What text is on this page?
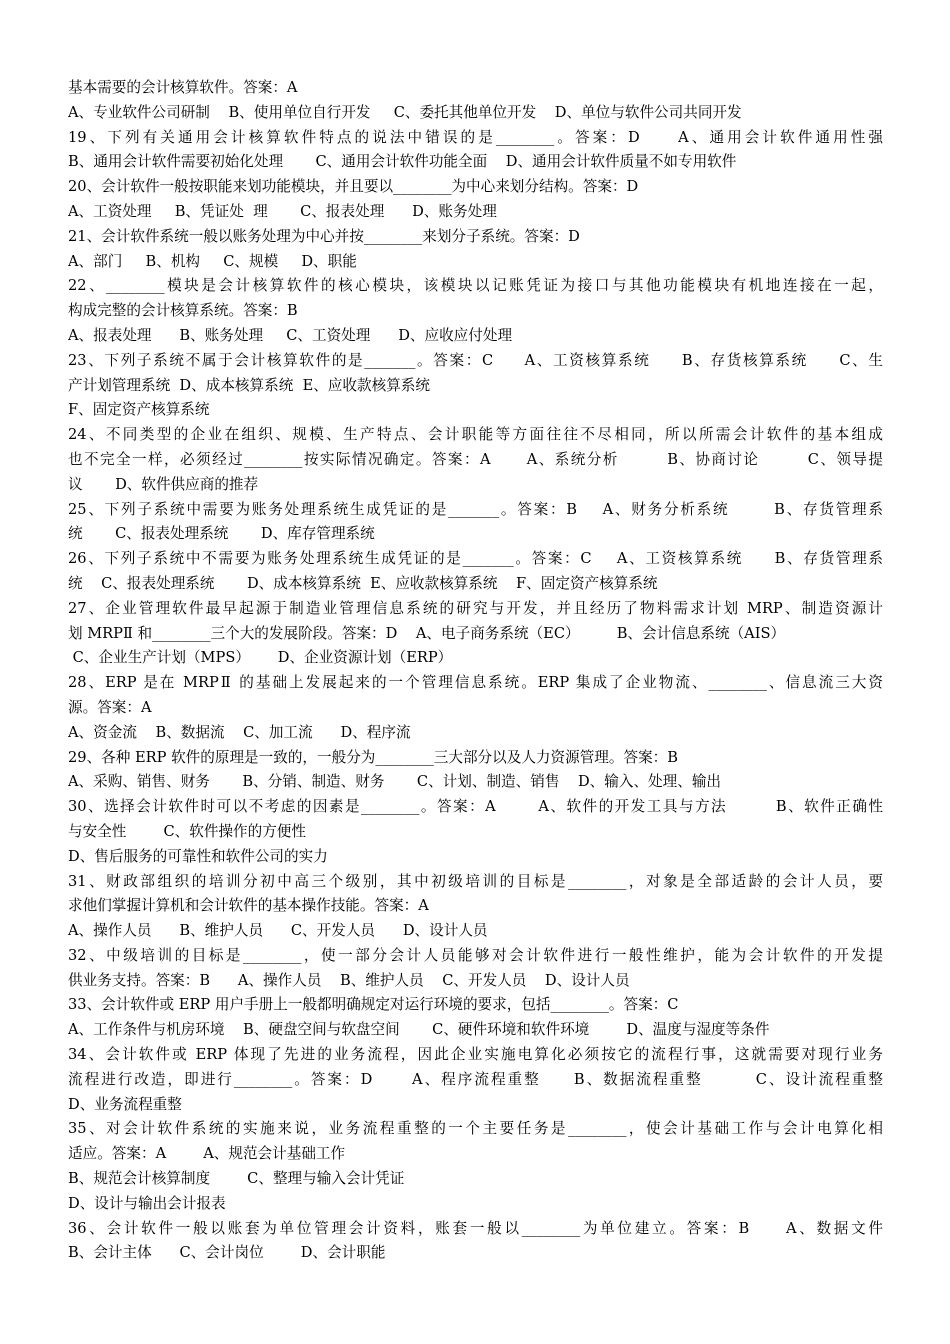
基本需要的会计核算软件。答案：A
A、专业软件公司研制    B、使用单位自行开发     C、委托其他单位开发    D、单位与软件公司共同开发
19、下列有关通用会计核算软件特点的说法中错误的是________。答案：D     A、通用会计软件通用性强
B、通用会计软件需要初始化处理       C、通用会计软件功能全面    D、通用会计软件质量不如专用软件
20、会计软件一般按职能来划功能模块，并且要以________为中心来划分结构。答案：D
A、工资处理     B、凭证处  理       C、报表处理      D、账务处理
21、会计软件系统一般以账务处理为中心并按________来划分子系统。答案：D
A、部门     B、机构     C、规模     D、职能
22、________模块是会计核算软件的核心模块，该模块以记账凭证为接口与其他功能模块有机地连接在一起，
构成完整的会计核算系统。答案：B
A、报表处理      B、账务处理     C、工资处理      D、应收应付处理
23、下列子系统不属于会计核算软件的是_______。答案：C     A、工资核算系统     B、存货核算系统     C、生
产计划管理系统  D、成本核算系统  E、应收款核算系统
F、固定资产核算系统
24、不同类型的企业在组织、规模、生产特点、会计职能等方面往往不尽相同，所以所需会计软件的基本组成
也不完全一样，必须经过________按实际情况确定。答案：A      A、系统分析        B、协商讨论        C、领导提
议       D、软件供应商的推荐
25、下列子系统中需要为账务处理系统生成凭证的是_______。答案：B    A、财务分析系统       B、存货管理系
统       C、报表处理系统       D、库存管理系统
26、下列子系统中不需要为账务处理系统生成凭证的是_______。答案：C    A、工资核算系统     B、存货管理系
统    C、报表处理系统       D、成本核算系统  E、应收款核算系统    F、固定资产核算系统
27、企业管理软件最早起源于制造业管理信息系统的研究与开发，并且经历了物料需求计划 MRP、制造资源计
划 MRPⅡ 和________三个大的发展阶段。答案：D    A、电子商务系统（EC）        B、会计信息系统（AIS）
C、企业生产计划（MPS）      D、企业资源计划（ERP）
28、ERP 是在 MRPⅡ 的基础上发展起来的一个管理信息系统。ERP 集成了企业物流、________、信息流三大资
源。答案：A
A、资金流    B、数据流    C、加工流      D、程序流
29、各种 ERP 软件的原理是一致的，一般分为________三大部分以及人力资源管理。答案：B
A、采购、销售、财务       B、分销、制造、财务       C、计划、制造、销售    D、输入、处理、输出
30、选择会计软件时可以不考虑的因素是________。答案：A       A、软件的开发工具与方法        B、软件正确性
与安全性        C、软件操作的方便性
D、售后服务的可靠性和软件公司的实力
31、财政部组织的培训分初中高三个级别，其中初级培训的目标是________，对象是全部适龄的会计人员，要
求他们掌握计算机和会计软件的基本操作技能。答案：A
A、操作人员      B、维护人员      C、开发人员      D、设计人员
32、中级培训的目标是________，使一部分会计人员能够对会计软件进行一般性维护，能为会计软件的开发提
供业务支持。答案：B      A、操作人员    B、维护人员    C、开发人员    D、设计人员
33、会计软件或 ERP 用户手册上一般都明确规定对运行环境的要求，包括________。答案：C
A、工作条件与机房环境    B、硬盘空间与软盘空间       C、硬件环境和软件环境        D、温度与湿度等条件
34、会计软件或 ERP 体现了先进的业务流程，因此企业实施电算化必须按它的流程行事，这就需要对现行业务
流程进行改造，即进行________。答案：D      A、程序流程重整     B、数据流程重整        C、设计流程重整
D、业务流程重整
35、对会计软件系统的实施来说，业务流程重整的一个主要任务是________，使会计基础工作与会计电算化相
适应。答案：A        A、规范会计基础工作
B、规范会计核算制度        C、整理与输入会计凭证
D、设计与输出会计报表
36、会计软件一般以账套为单位管理会计资料，账套一般以________为单位建立。答案：B     A、数据文件
B、会计主体      C、会计岗位        D、会计职能
